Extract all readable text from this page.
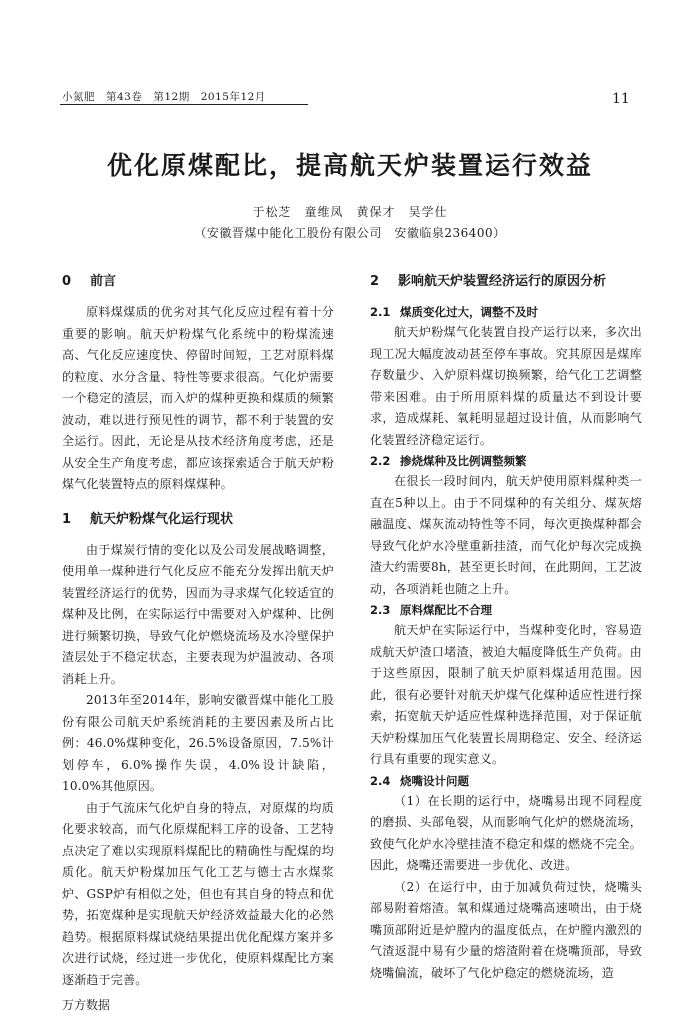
小氮肥　第43卷　第12期　2015年12月	11
优化原煤配比，提高航天炉装置运行效益
于松芝　童维凤　黄保才　吴学仕
（安徽晋煤中能化工股份有限公司　安徽临泉236400）
0 前言

原料煤煤质的优劣对其气化反应过程有着十分重要的影响。航天炉粉煤气化系统中的粉煤流速高、气化反应速度快、停留时间短，工艺对原料煤的粒度、水分含量、特性等要求很高。气化炉需要一个稳定的渣层，而入炉的煤种更换和煤质的频繁波动，难以进行预见性的调节，都不利于装置的安全运行。因此，无论是从技术经济角度考虑，还是从安全生产角度考虑，都应该探索适合于航天炉粉煤气化装置特点的原料煤煤种。

1 航天炉粉煤气化运行现状

由于煤炭行情的变化以及公司发展战略调整，使用单一煤种进行气化反应不能充分发挥出航天炉装置经济运行的优势，因而为寻求煤气化较适宜的煤种及比例，在实际运行中需要对入炉煤种、比例进行频繁切换，导致气化炉燃烧流场及水冷壁保护渣层处于不稳定状态，主要表现为炉温波动、各项消耗上升。

2013年至2014年，影响安徽晋煤中能化工股份有限公司航天炉系统消耗的主要因素及所占比例：46.0%煤种变化，26.5%设备原因，7.5%计划停车，6.0%操作失误，4.0%设计缺陷，10.0%其他原因。

由于气流床气化炉自身的特点，对原煤的均质化要求较高，而气化原煤配料工序的设备、工艺特点决定了难以实现原料煤配比的精确性与配煤的均质化。航天炉粉煤加压气化工艺与德士古水煤浆炉、GSP炉有相似之处，但也有其自身的特点和优势，拓宽煤种是实现航天炉经济效益最大化的必然趋势。根据原料煤试烧结果提出优化配煤方案并多次进行试烧，经过进一步优化，使原料煤配比方案逐渐趋于完善。

2 影响航天炉装置经济运行的原因分析
2.1 煤质变化过大，调整不及时

航天炉粉煤气化装置自投产运行以来，多次出现工况大幅度波动甚至停车事故。究其原因是煤库存数量少、入炉原料煤切换频繁，给气化工艺调整带来困难。由于所用原料煤的质量达不到设计要求，造成煤耗、氧耗明显超过设计值，从而影响气化装置经济稳定运行。

2.2 掺烧煤种及比例调整频繁

在很长一段时间内，航天炉使用原料煤种类一直在5种以上。由于不同煤种的有关组分、煤灰熔融温度、煤灰流动特性等不同，每次更换煤种都会导致气化炉水冷壁重新挂渣，而气化炉每次完成换渣大约需要8h，甚至更长时间，在此期间，工艺波动，各项消耗也随之上升。

2.3 原料煤配比不合理

航天炉在实际运行中，当煤种变化时，容易造成航天炉渣口堵渣，被迫大幅度降低生产负荷。由于这些原因，限制了航天炉原料煤适用范围。因此，很有必要针对航天炉煤气化煤种适应性进行探索，拓宽航天炉适应性煤种选择范围，对于保证航天炉粉煤加压气化装置长周期稳定、安全、经济运行具有重要的现实意义。

2.4 烧嘴设计问题

（1）在长期的运行中，烧嘴易出现不同程度的磨损、头部龟裂，从而影响气化炉的燃烧流场，致使气化炉水冷壁挂渣不稳定和煤的燃烧不完全。因此，烧嘴还需要进一步优化、改进。

（2）在运行中，由于加减负荷过快，烧嘴头部易附着熔渣。氧和煤通过烧嘴高速喷出，由于烧嘴顶部附近是炉膛内的温度低点，在炉膛内激烈的气渣返混中易有少量的熔渣附着在烧嘴顶部，导致烧嘴偏流，破坏了气化炉稳定的燃烧流场，造

万方数据
